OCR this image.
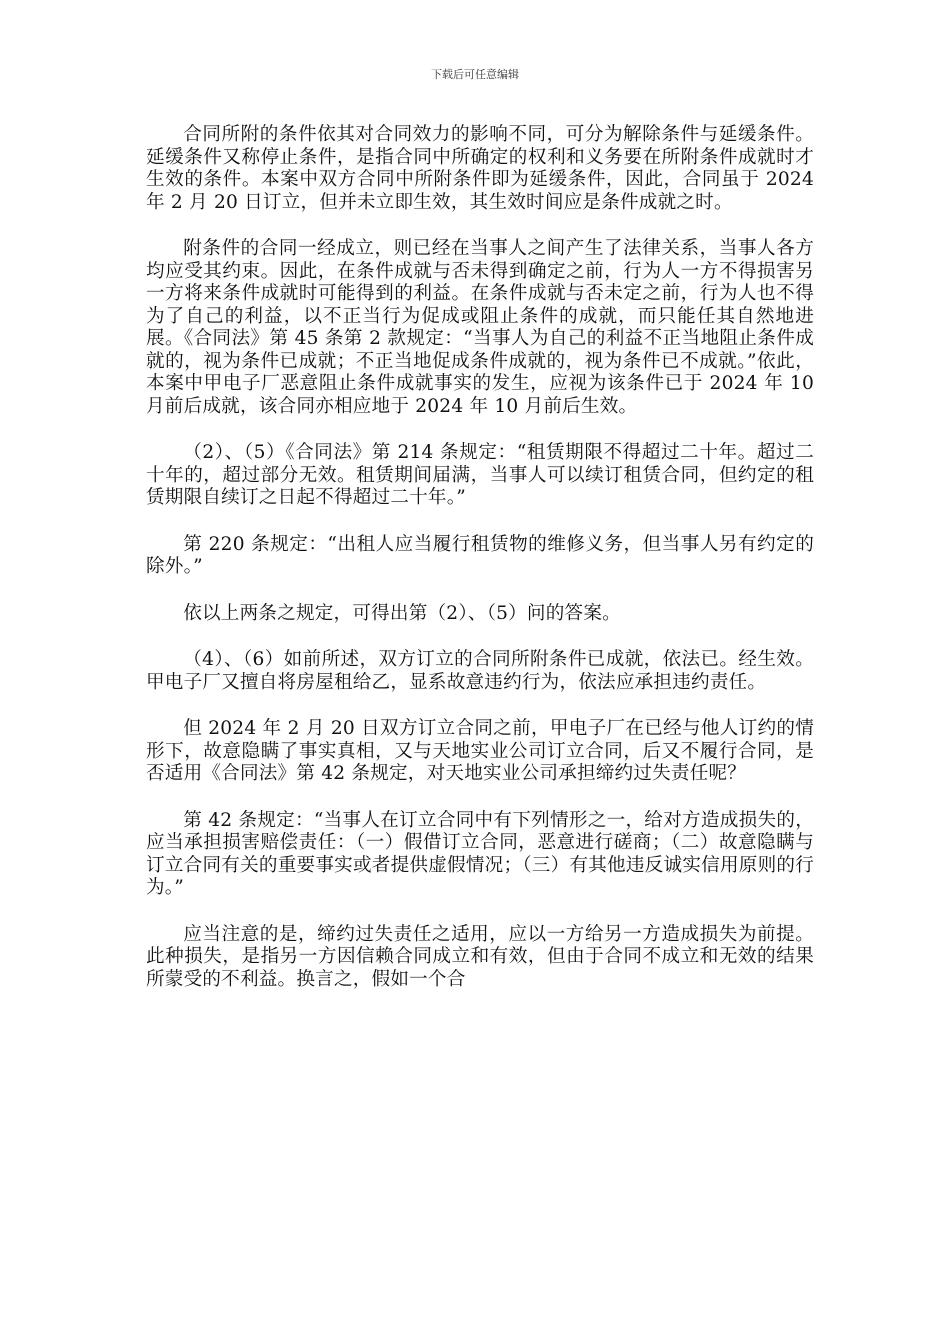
下载后可任意编辑

合同所附的条件依其对合同效力的影响不同，可分为解除条件与延缓条件。延缓条件又称停止条件，是指合同中所确定的权利和义务要在所附条件成就时才生效的条件。本案中双方合同中所附条件即为延缓条件，因此，合同虽于 2024 年 2 月 20 日订立，但并未立即生效，其生效时间应是条件成就之时。

附条件的合同一经成立，则已经在当事人之间产生了法律关系，当事人各方均应受其约束。因此，在条件成就与否未得到确定之前，行为人一方不得损害另一方将来条件成就时可能得到的利益。在条件成就与否未定之前，行为人也不得为了自己的利益，以不正当行为促成或阻止条件的成就，而只能任其自然地进展。《合同法》第 45 条第 2 款规定：“当事人为自己的利益不正当地阻止条件成就的，视为条件已成就；不正当地促成条件成就的，视为条件已不成就。”依此，本案中甲电子厂恶意阻止条件成就事实的发生，应视为该条件已于 2024 年 10 月前后成就，该合同亦相应地于 2024 年 10 月前后生效。

（2）、（5）《合同法》第 214 条规定：“租赁期限不得超过二十年。超过二十年的，超过部分无效。租赁期间届满，当事人可以续订租赁合同，但约定的租赁期限自续订之日起不得超过二十年。”

第 220 条规定：“出租人应当履行租赁物的维修义务，但当事人另有约定的除外。”

依以上两条之规定，可得出第（2）、（5）问的答案。

（4）、（6）如前所述，双方订立的合同所附条件已成就，依法已。经生效。甲电子厂又擅自将房屋租给乙，显系故意违约行为，依法应承担违约责任。

但 2024 年 2 月 20 日双方订立合同之前，甲电子厂在已经与他人订约的情形下，故意隐瞒了事实真相，又与天地实业公司订立合同，后又不履行合同，是否适用《合同法》第 42 条规定，对天地实业公司承担缔约过失责任呢？

第 42 条规定：“当事人在订立合同中有下列情形之一，给对方造成损失的，应当承担损害赔偿责任：（一）假借订立合同，恶意进行磋商；（二）故意隐瞒与订立合同有关的重要事实或者提供虚假情况；（三）有其他违反诚实信用原则的行为。”

应当注意的是，缔约过失责任之适用，应以一方给另一方造成损失为前提。此种损失，是指另一方因信赖合同成立和有效，但由于合同不成立和无效的结果所蒙受的不利益。换言之，假如一个合
